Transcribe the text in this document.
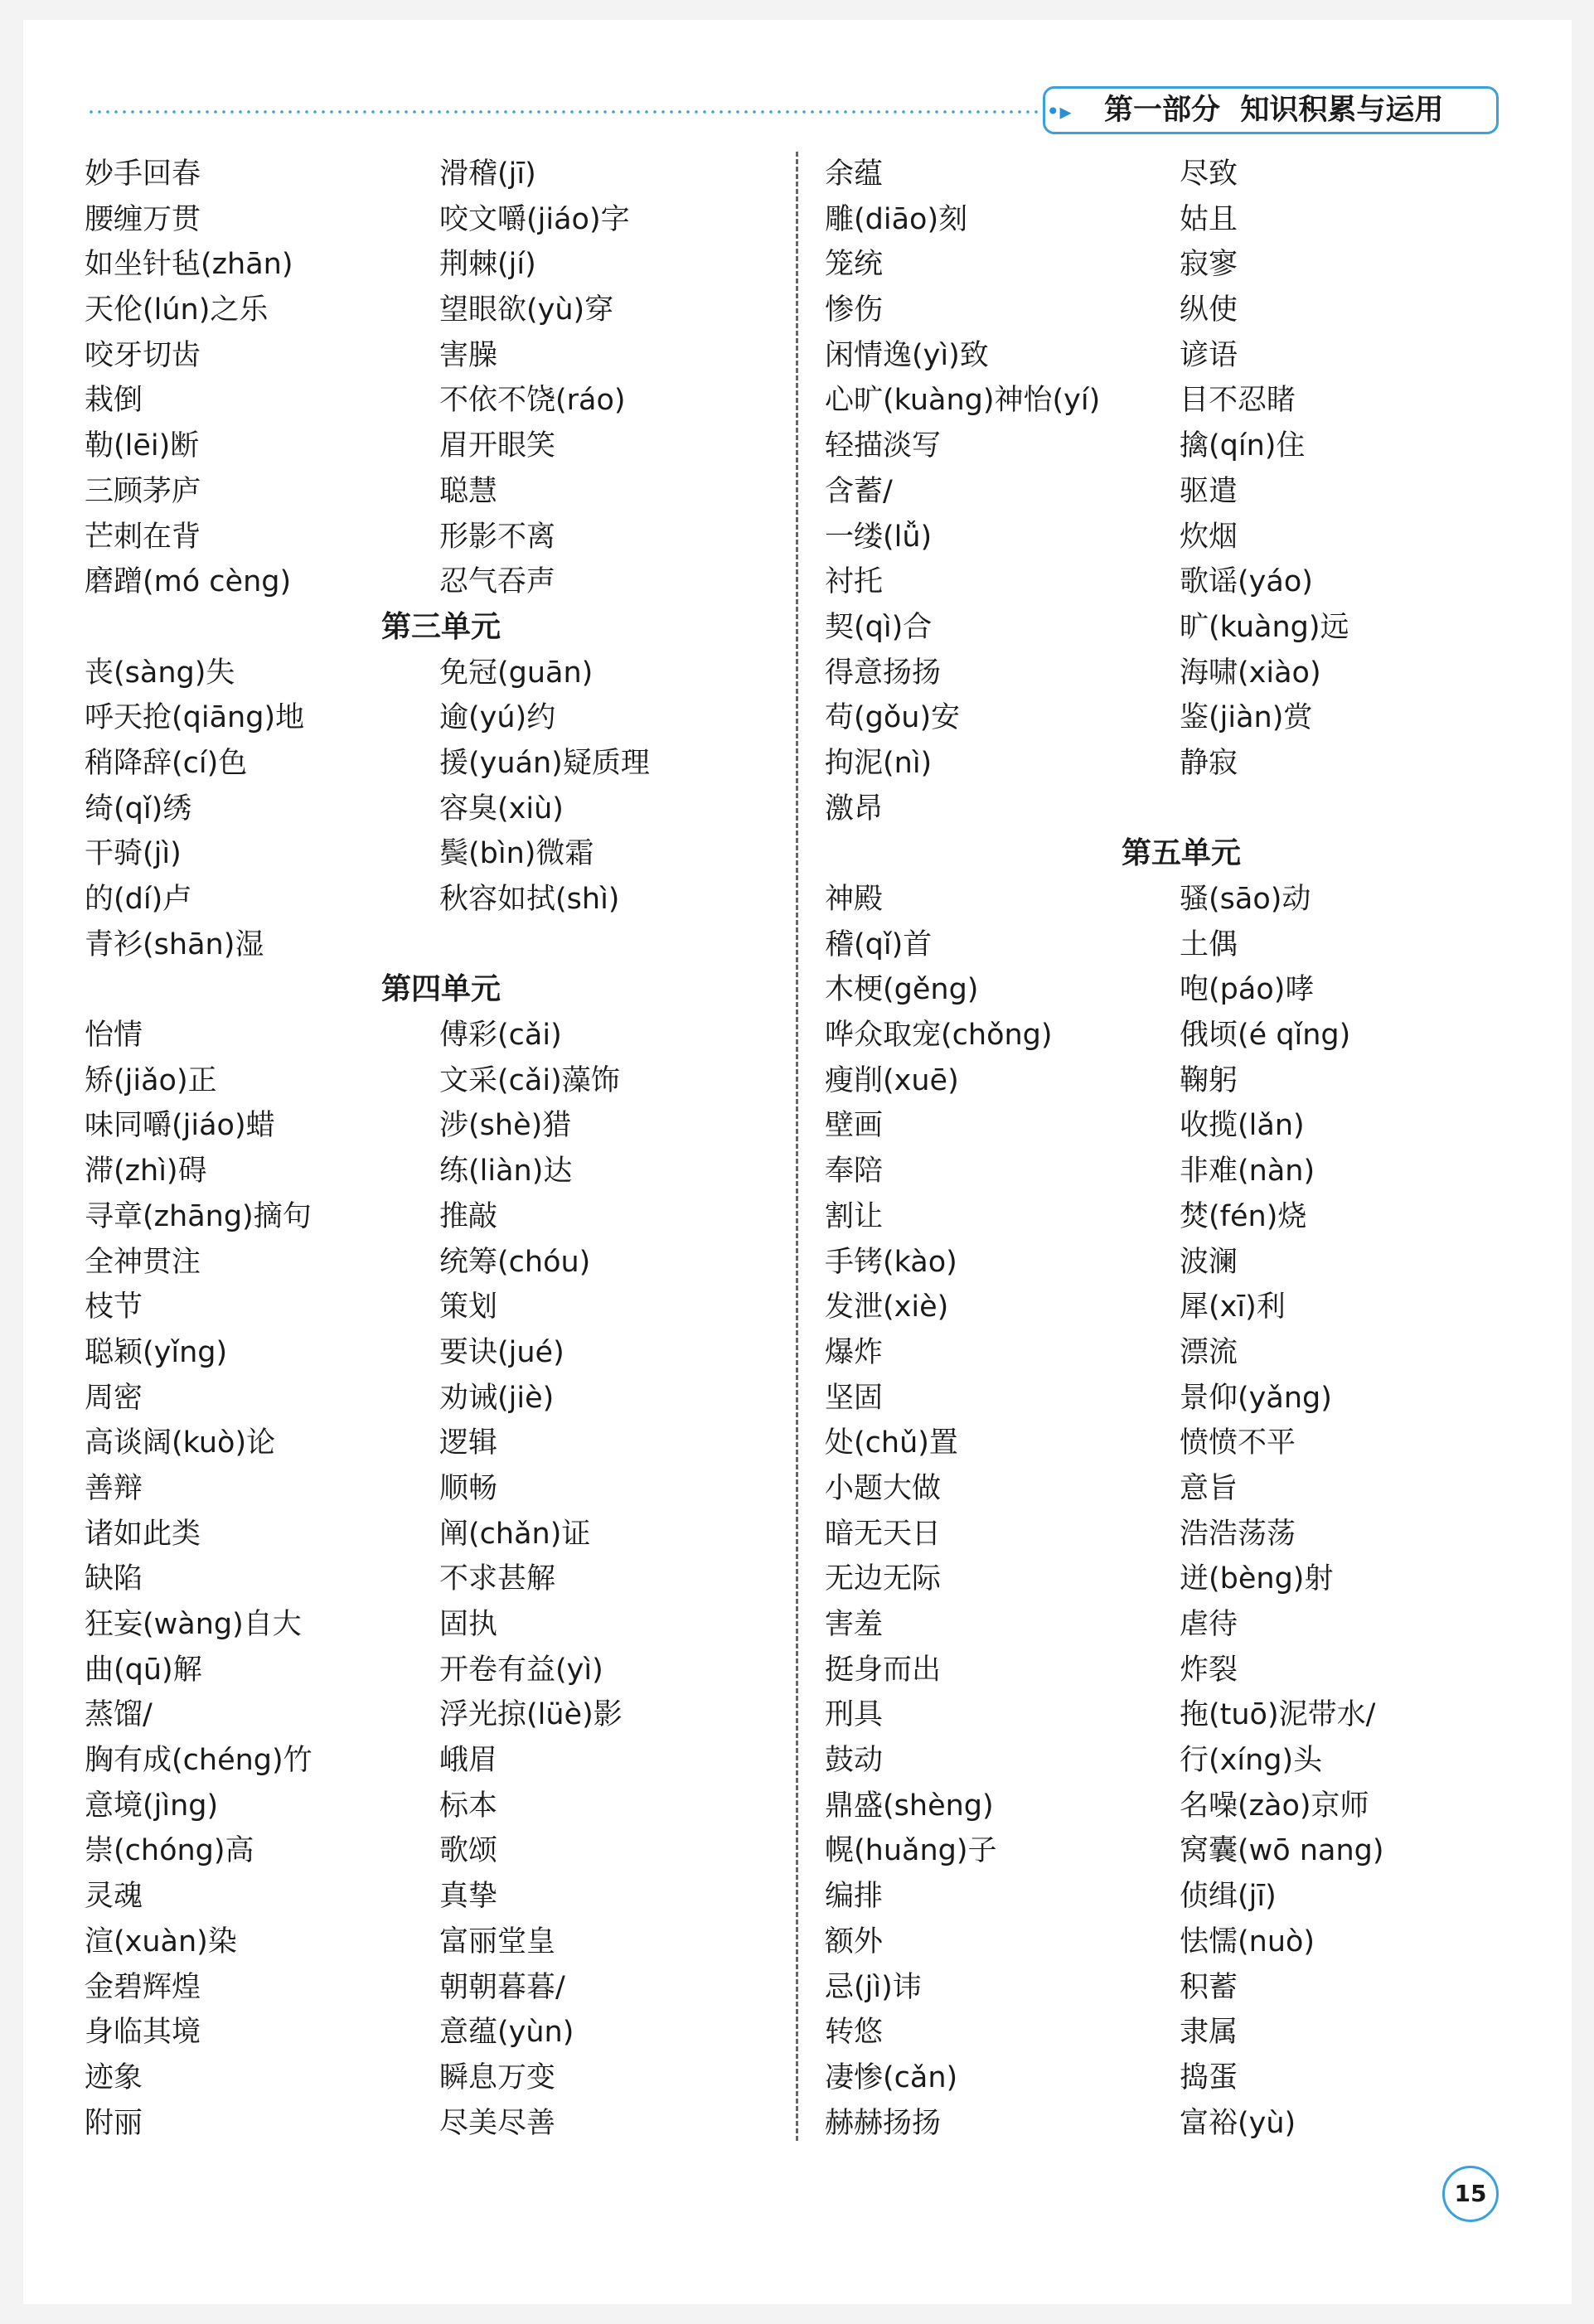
•▸ 第一部分 知识积累与运用
妙手回春
腰缠万贯
如坐针毡(zhān)
天伦(lún)之乐
咬牙切齿
栽倒
勒(lēi)断
三顾茅庐
芒刺在背
磨蹭(mó cèng)
第三单元
丧(sàng)失
呼天抢(qiāng)地
稍降辞(cí)色
绮(qǐ)绣
干骑(jì)
的(dí)卢
青衫(shān)湿
第四单元
怡情
矫(jiǎo)正
味同嚼(jiáo)蜡
滞(zhì)碍
寻章(zhāng)摘句
全神贯注
枝节
聪颖(yǐng)
周密
高谈阔(kuò)论
善辩
诸如此类
缺陷
狂妄(wàng)自大
曲(qū)解
蒸馏/
胸有成(chéng)竹
意境(jìng)
崇(chóng)高
灵魂
渲(xuàn)染
金碧辉煌
身临其境
迹象
附丽
滑稽(jī)
咬文嚼(jiáo)字
荆棘(jí)
望眼欲(yù)穿
害臊
不依不饶(ráo)
眉开眼笑
聪慧
形影不离
忍气吞声
免冠(guān)
逾(yú)约
援(yuán)疑质理
容臭(xiù)
鬓(bìn)微霜
秋容如拭(shì)
傅彩(cǎi)
文采(cǎi)藻饰
涉(shè)猎
练(liàn)达
推敲
统筹(chóu)
策划
要诀(jué)
劝诫(jiè)
逻辑
顺畅
阐(chǎn)证
不求甚解
固执
开卷有益(yì)
浮光掠(lüè)影
峨眉
标本
歌颂
真挚
富丽堂皇
朝朝暮暮/
意蕴(yùn)
瞬息万变
尽美尽善
余蕴
雕(diāo)刻
笼统
惨伤
闲情逸(yì)致
心旷(kuàng)神怡(yí)
轻描淡写
含蓄/
一缕(lǚ)
衬托
契(qì)合
得意扬扬
苟(gǒu)安
拘泥(nì)
激昂
第五单元
神殿
稽(qǐ)首
木梗(gěng)
哗众取宠(chǒng)
瘦削(xuē)
壁画
奉陪
割让
手铐(kào)
发泄(xiè)
爆炸
坚固
处(chǔ)置
小题大做
暗无天日
无边无际
害羞
挺身而出
刑具
鼓动
鼎盛(shèng)
幌(huǎng)子
编排
额外
忌(jì)讳
转悠
凄惨(cǎn)
赫赫扬扬
尽致
姑且
寂寥
纵使
谚语
目不忍睹
擒(qín)住
驱遣
炊烟
歌谣(yáo)
旷(kuàng)远
海啸(xiào)
鉴(jiàn)赏
静寂
骚(sāo)动
土偶
咆(páo)哮
俄顷(é qǐng)
鞠躬
收揽(lǎn)
非难(nàn)
焚(fén)烧
波澜
犀(xī)利
漂流
景仰(yǎng)
愤愤不平
意旨
浩浩荡荡
迸(bèng)射
虐待
炸裂
拖(tuō)泥带水/
行(xíng)头
名噪(zào)京师
窝囊(wō nang)
侦缉(jī)
怯懦(nuò)
积蓄
隶属
捣蛋
富裕(yù)
15
